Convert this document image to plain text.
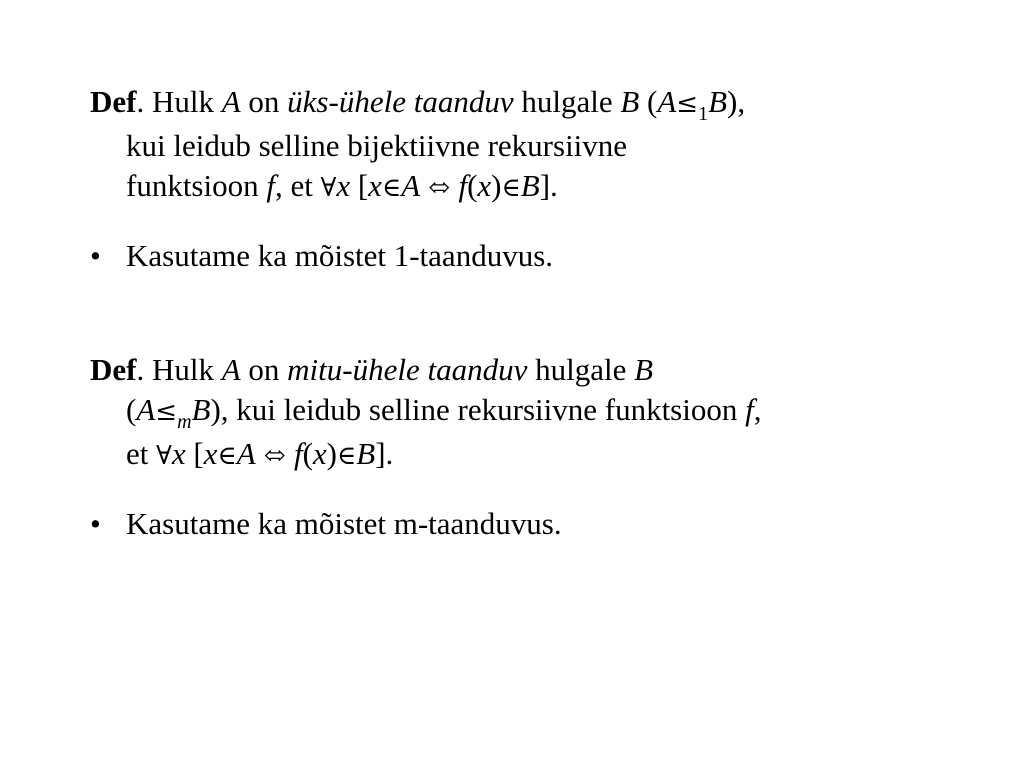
Def. Hulk A on üks-ühele taanduv hulgale B $(A\le_1B)$,
kui leidub selline bijektiivne rekursiivne
funktsioon f, et ∀x [x∈A ⬄ f(x)∈B].
• Kasutame ka mõistet 1-taanduvus.
Def. Hulk A on mitu-ühele taanduv hulgale B
$(A\le_mB)$, kui leidub selline rekursiivne funktsioon f,
et ∀x [x∈A ⬄ f(x)∈B].
• Kasutame ka mõistet m-taanduvus.
